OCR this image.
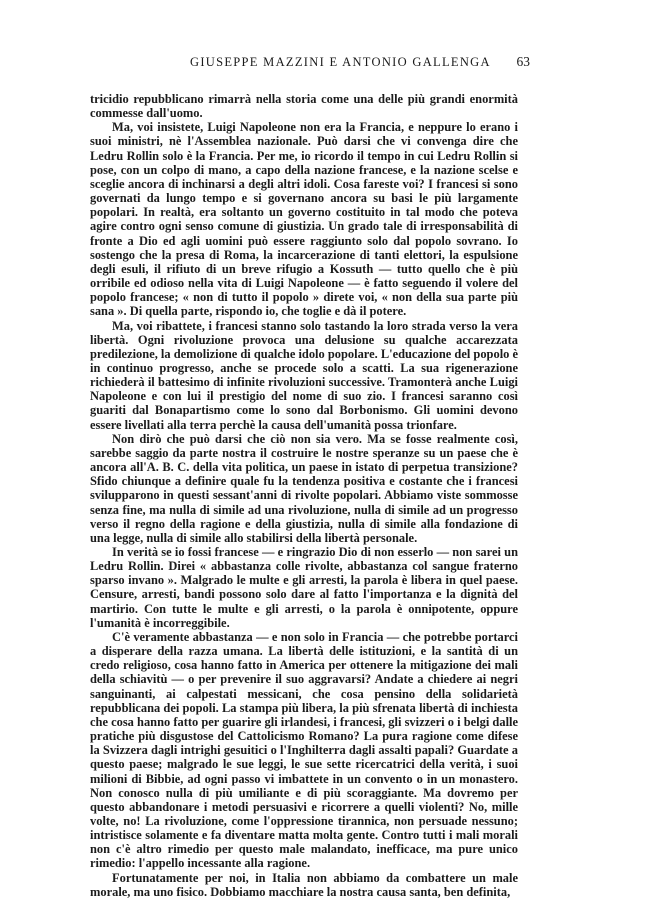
GIUSEPPE MAZZINI E ANTONIO GALLENGA 63

tricidio repubblicano rimarrà nella storia come una delle più grandi enormità commesse dall'uomo.

Ma, voi insistete, Luigi Napoleone non era la Francia, e neppure lo erano i suoi ministri, nè l'Assemblea nazionale. Può darsi che vi convenga dire che Ledru Rollin solo è la Francia. Per me, io ricordo il tempo in cui Ledru Rollin si pose, con un colpo di mano, a capo della nazione francese, e la nazione scelse e sceglie ancora di inchinarsi a degli altri idoli. Cosa fareste voi? I francesi si sono governati da lungo tempo e si governano ancora su basi le più largamente popolari. In realtà, era soltanto un governo costituito in tal modo che poteva agire contro ogni senso comune di giustizia. Un grado tale di irresponsabilità di fronte a Dio ed agli uomini può essere raggiunto solo dal popolo sovrano. Io sostengo che la presa di Roma, la incarcerazione di tanti elettori, la espulsione degli esuli, il rifiuto di un breve rifugio a Kossuth — tutto quello che è più orribile ed odioso nella vita di Luigi Napoleone — è fatto seguendo il volere del popolo francese; « non di tutto il popolo » direte voi, « non della sua parte più sana ». Di quella parte, rispondo io, che toglie e dà il potere.

Ma, voi ribattete, i francesi stanno solo tastando la loro strada verso la vera libertà. Ogni rivoluzione provoca una delusione su qualche accarezzata predilezione, la demolizione di qualche idolo popolare. L'educazione del popolo è in continuo progresso, anche se procede solo a scatti. La sua rigenerazione richiederà il battesimo di infinite rivoluzioni successive. Tramonterà anche Luigi Napoleone e con lui il prestigio del nome di suo zio. I francesi saranno così guariti dal Bonapartismo come lo sono dal Borbonismo. Gli uomini devono essere livellati alla terra perchè la causa dell'umanità possa trionfare.

Non dirò che può darsi che ciò non sia vero. Ma se fosse realmente così, sarebbe saggio da parte nostra il costruire le nostre speranze su un paese che è ancora all'A. B. C. della vita politica, un paese in istato di perpetua transizione? Sfido chiunque a definire quale fu la tendenza positiva e costante che i francesi svilupparono in questi sessant'anni di rivolte popolari. Abbiamo viste sommosse senza fine, ma nulla di simile ad una rivoluzione, nulla di simile ad un progresso verso il regno della ragione e della giustizia, nulla di simile alla fondazione di una legge, nulla di simile allo stabilirsi della libertà personale.

In verità se io fossi francese — e ringrazio Dio di non esserlo — non sarei un Ledru Rollin. Direi « abbastanza colle rivolte, abbastanza col sangue fraterno sparso invano ». Malgrado le multe e gli arresti, la parola è libera in quel paese. Censure, arresti, bandi possono solo dare al fatto l'importanza e la dignità del martirio. Con tutte le multe e gli arresti, o la parola è onnipotente, oppure l'umanità è incorreggibile.

C'è veramente abbastanza — e non solo in Francia — che potrebbe portarci a disperare della razza umana. La libertà delle istituzioni, e la santità di un credo religioso, cosa hanno fatto in America per ottenere la mitigazione dei mali della schiavitù — o per prevenire il suo aggravarsi? Andate a chiedere ai negri sanguinanti, ai calpestati messicani, che cosa pensino della solidarietà repubblicana dei popoli. La stampa più libera, la più sfrenata libertà di inchiesta che cosa hanno fatto per guarire gli irlandesi, i francesi, gli svizzeri o i belgi dalle pratiche più disgustose del Cattolicismo Romano? La pura ragione come difese la Svizzera dagli intrighi gesuitici o l'Inghilterra dagli assalti papali? Guardate a questo paese; malgrado le sue leggi, le sue sette ricercatrici della verità, i suoi milioni di Bibbie, ad ogni passo vi imbattete in un convento o in un monastero. Non conosco nulla di più umiliante e di più scoraggiante. Ma dovremo per questo abbandonare i metodi persuasivi e ricorrere a quelli violenti? No, mille volte, no! La rivoluzione, come l'oppressione tirannica, non persuade nessuno; intristisce solamente e fa diventare matta molta gente. Contro tutti i mali morali non c'è altro rimedio per questo male malandato, inefficace, ma pure unico rimedio: l'appello incessante alla ragione.

Fortunatamente per noi, in Italia non abbiamo da combattere un male morale, ma uno fisico. Dobbiamo macchiare la nostra causa santa, ben definita,
